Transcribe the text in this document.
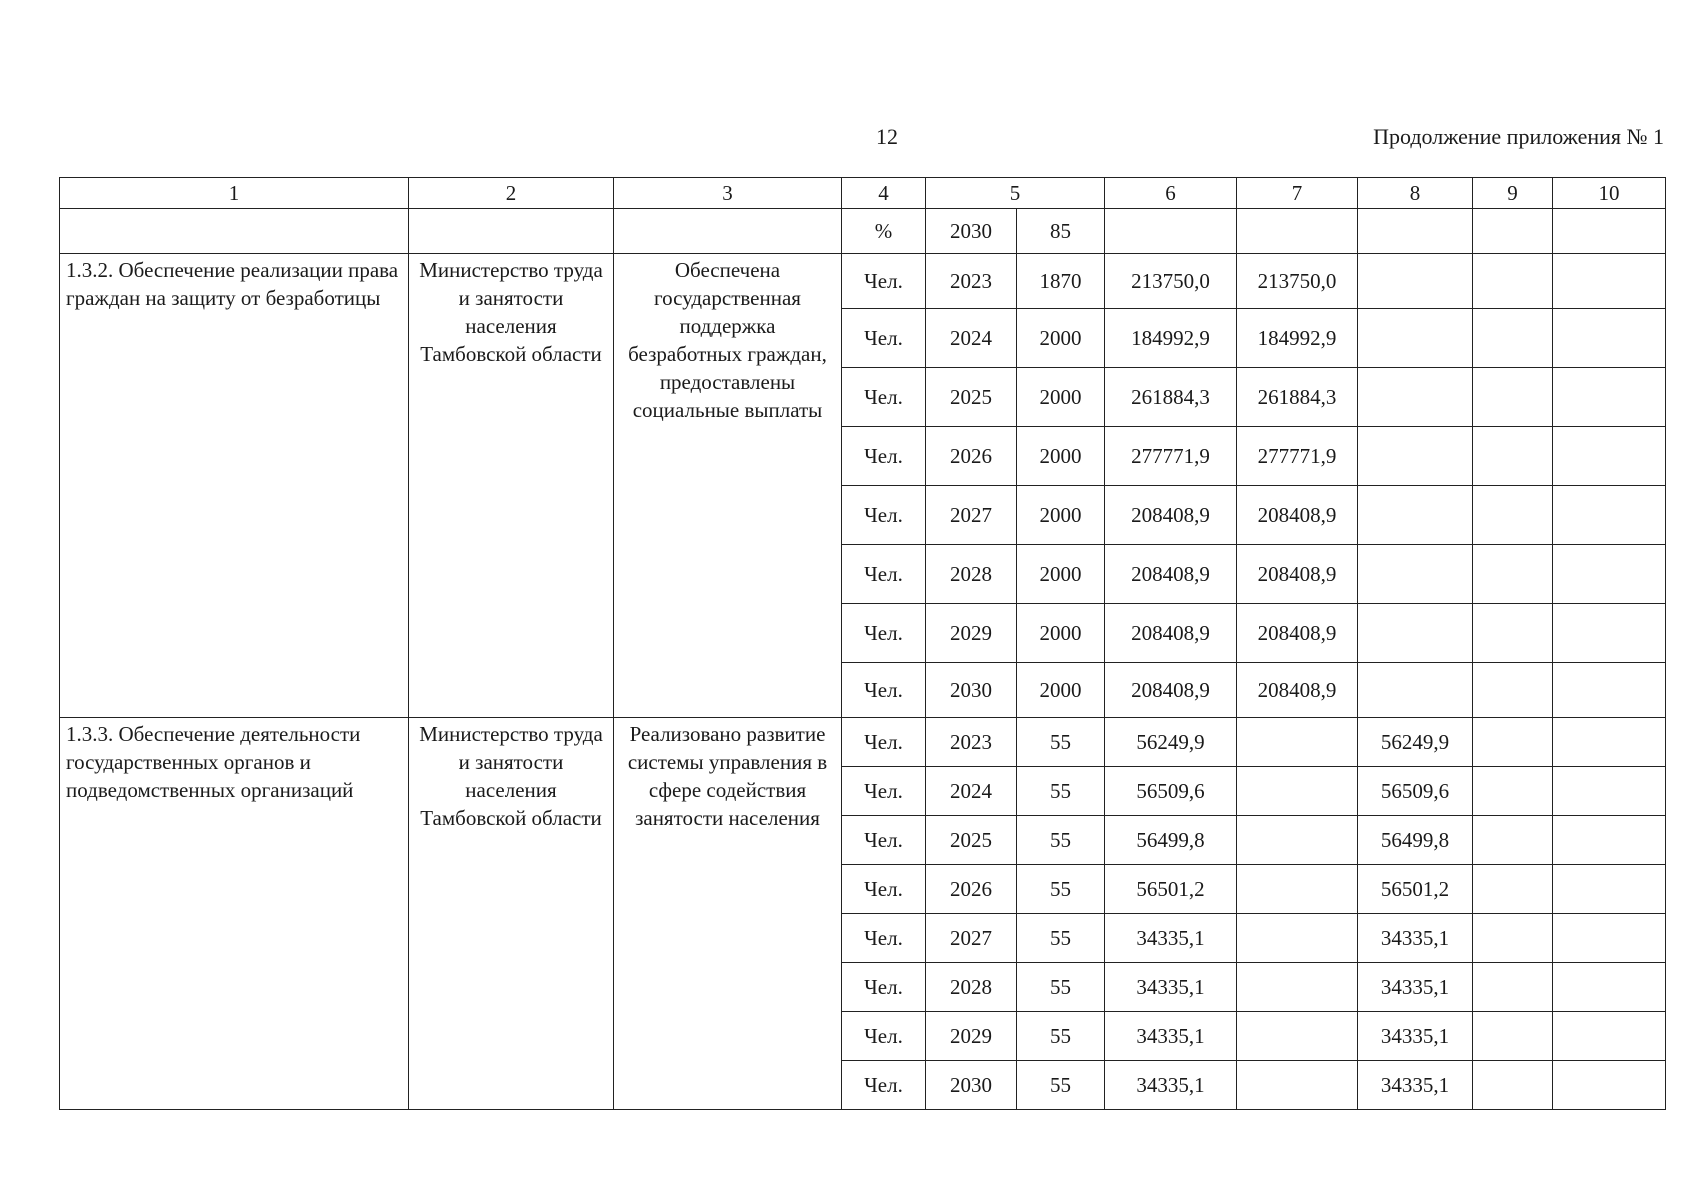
12	Продолжение приложения № 1
1	2	3	4	5		6	7	8	9	10
			%	2030	85					
1.3.2. Обеспечение реализации права граждан на защиту от безработицы	Министерство труда и занятости населения Тамбовской области	Обеспечена государственная поддержка безработных граждан, предоставлены социальные выплаты	Чел.	2023	1870	213750,0	213750,0			
			Чел.	2024	2000	184992,9	184992,9			
			Чел.	2025	2000	261884,3	261884,3			
			Чел.	2026	2000	277771,9	277771,9			
			Чел.	2027	2000	208408,9	208408,9			
			Чел.	2028	2000	208408,9	208408,9			
			Чел.	2029	2000	208408,9	208408,9			
			Чел.	2030	2000	208408,9	208408,9			
1.3.3. Обеспечение деятельности государственных органов и подведомственных организаций	Министерство труда и занятости населения Тамбовской области	Реализовано развитие системы управления в сфере содействия занятости населения	Чел.	2023	55	56249,9		56249,9		
			Чел.	2024	55	56509,6		56509,6		
			Чел.	2025	55	56499,8		56499,8		
			Чел.	2026	55	56501,2		56501,2		
			Чел.	2027	55	34335,1		34335,1		
			Чел.	2028	55	34335,1		34335,1		
			Чел.	2029	55	34335,1		34335,1		
			Чел.	2030	55	34335,1		34335,1		
